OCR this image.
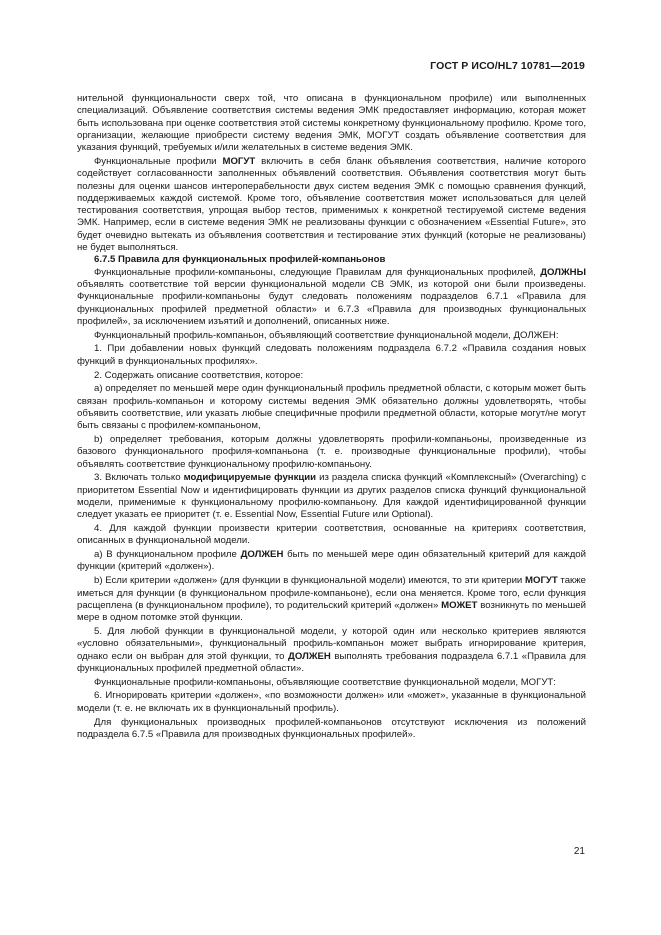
ГОСТ Р ИСО/HL7 10781—2019

нительной функциональности сверх той, что описана в функциональном профиле) или выполненных специализаций. Объявление соответствия системы ведения ЭМК предоставляет информацию, которая может быть использована при оценке соответствия этой системы конкретному функциональному профилю. Кроме того, организации, желающие приобрести систему ведения ЭМК, МОГУТ создать объявление соответствия для указания функций, требуемых и/или желательных в системе ведения ЭМК.

Функциональные профили МОГУТ включить в себя бланк объявления соответствия, наличие которого содействует согласованности заполненных объявлений соответствия. Объявления соответствия могут быть полезны для оценки шансов интероперабельности двух систем ведения ЭМК с помощью сравнения функций, поддерживаемых каждой системой. Кроме того, объявление соответствия может использоваться для целей тестирования соответствия, упрощая выбор тестов, применимых к конкретной тестируемой системе ведения ЭМК. Например, если в системе ведения ЭМК не реализованы функции с обозначением «Essential Future», это будет очевидно вытекать из объявления соответствия и тестирование этих функций (которые не реализованы) не будет выполняться.

6.7.5 Правила для функциональных профилей-компаньонов

Функциональные профили-компаньоны, следующие Правилам для функциональных профилей, ДОЛЖНЫ объявлять соответствие той версии функциональной модели СВ ЭМК, из которой они были произведены. Функциональные профили-компаньоны будут следовать положениям подразделов 6.7.1 «Правила для функциональных профилей предметной области» и 6.7.3 «Правила для производных функциональных профилей», за исключением изъятий и дополнений, описанных ниже.

Функциональный профиль-компаньон, объявляющий соответствие функциональной модели, ДОЛЖЕН:

1. При добавлении новых функций следовать положениям подраздела 6.7.2 «Правила создания новых функций в функциональных профилях».

2. Содержать описание соответствия, которое:

а) определяет по меньшей мере один функциональный профиль предметной области, с которым может быть связан профиль-компаньон и которому системы ведения ЭМК обязательно должны удовлетворять, чтобы объявить соответствие, или указать любые специфичные профили предметной области, которые могут/не могут быть связаны с профилем-компаньоном,

b) определяет требования, которым должны удовлетворять профили-компаньоны, произведенные из базового функционального профиля-компаньона (т. е. производные функциональные профили), чтобы объявлять соответствие функциональному профилю-компаньону.

3. Включать только модифицируемые функции из раздела списка функций «Комплексный» (Overarching) с приоритетом Essential Now и идентифицировать функции из других разделов списка функций функциональной модели, применимые к функциональному профилю-компаньону. Для каждой идентифицированной функции следует указать ее приоритет (т. е. Essential Now, Essential Future или Optional).

4. Для каждой функции произвести критерии соответствия, основанные на критериях соответствия, описанных в функциональной модели.

а) В функциональном профиле ДОЛЖЕН быть по меньшей мере один обязательный критерий для каждой функции (критерий «должен»).

b) Если критерии «должен» (для функции в функциональной модели) имеются, то эти критерии МОГУТ также иметься для функции (в функциональном профиле-компаньоне), если она меняется. Кроме того, если функция расщеплена (в функциональном профиле), то родительский критерий «должен» МОЖЕТ возникнуть по меньшей мере в одном потомке этой функции.

5. Для любой функции в функциональной модели, у которой один или несколько критериев являются «условно обязательными», функциональный профиль-компаньон может выбрать игнорирование критерия, однако если он выбран для этой функции, то ДОЛЖЕН выполнять требования подраздела 6.7.1 «Правила для функциональных профилей предметной области».

Функциональные профили-компаньоны, объявляющие соответствие функциональной модели, МОГУТ:

6. Игнорировать критерии «должен», «по возможности должен» или «может», указанные в функциональной модели (т. е. не включать их в функциональный профиль).

Для функциональных производных профилей-компаньонов отсутствуют исключения из положений подраздела 6.7.5 «Правила для производных функциональных профилей».

21
